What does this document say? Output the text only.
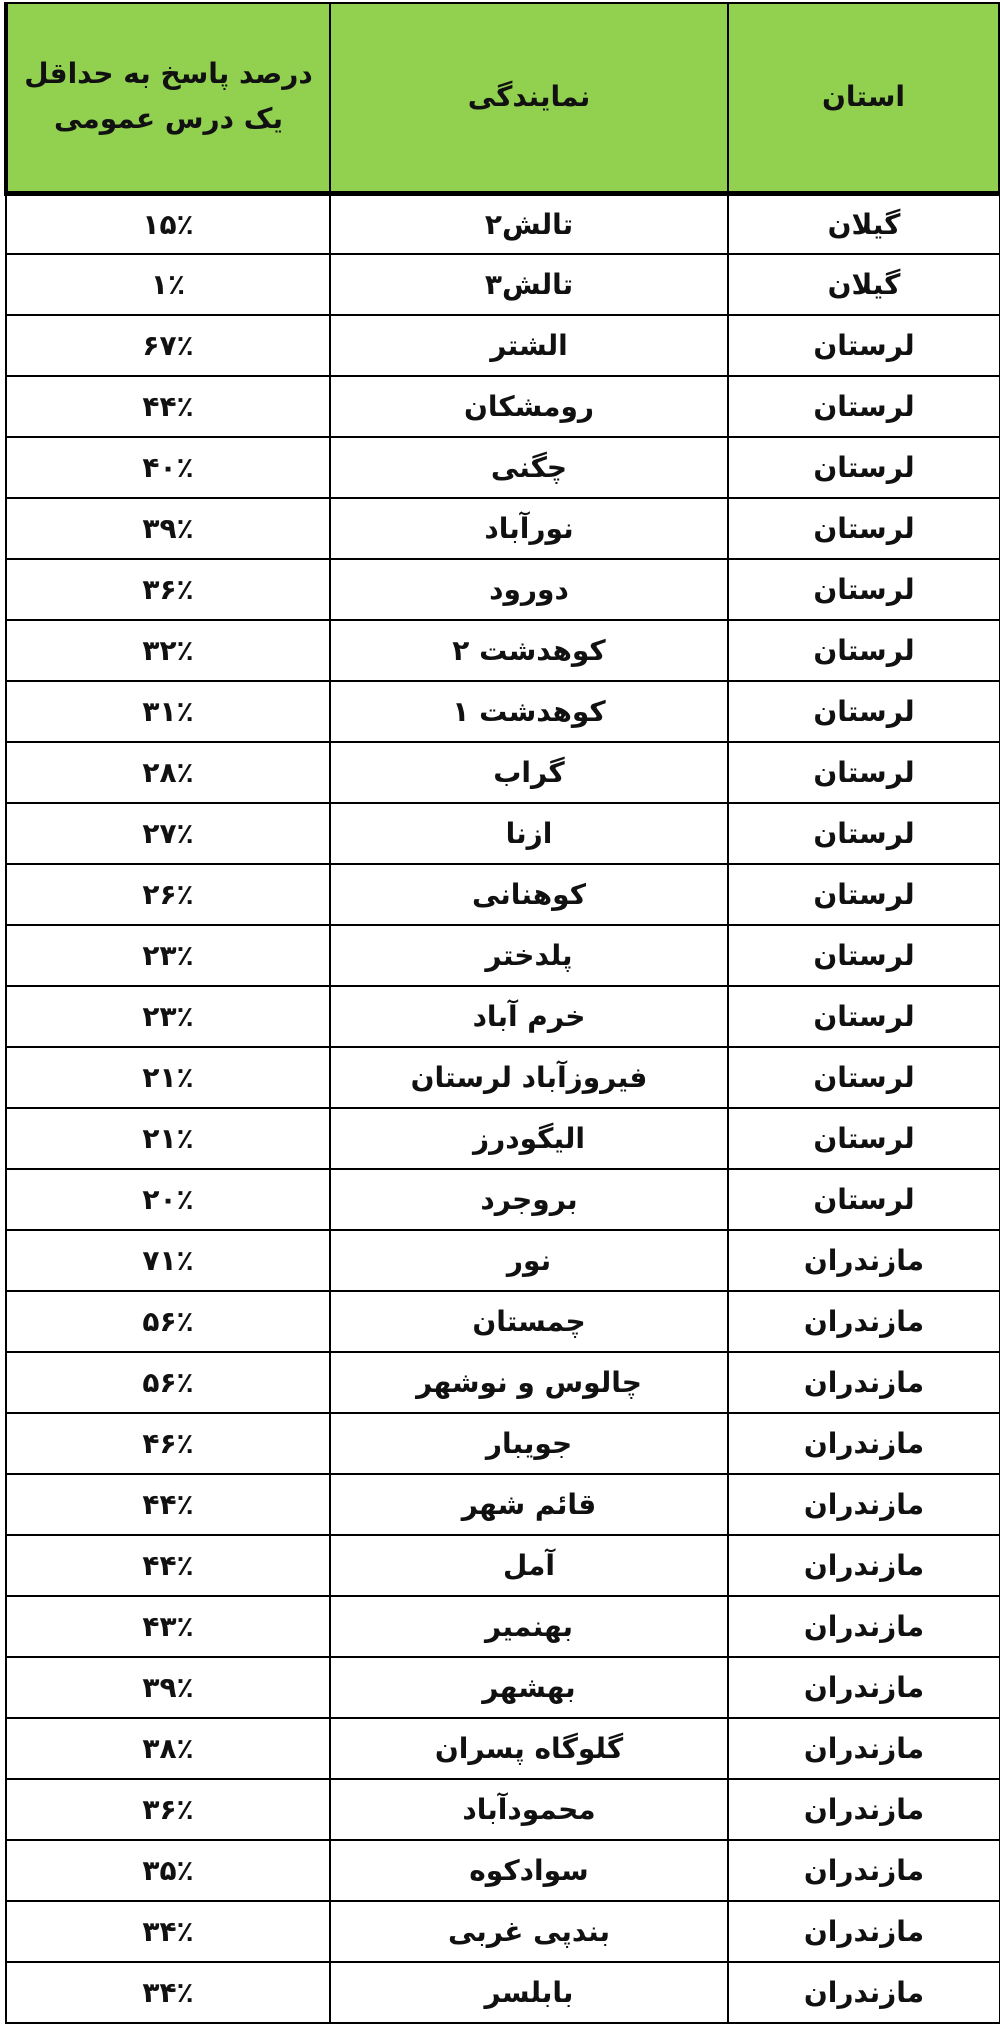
استان	نمایندگی	درصد پاسخ به حداقل یک درس عمومی
گیلان	تالش۲	۱۵٪
گیلان	تالش۳	۱٪
لرستان	الشتر	۶۷٪
لرستان	رومشکان	۴۴٪
لرستان	چگنی	۴۰٪
لرستان	نورآباد	۳۹٪
لرستان	دورود	۳۶٪
لرستان	کوهدشت ۲	۳۲٪
لرستان	کوهدشت ۱	۳۱٪
لرستان	گراب	۲۸٪
لرستان	ازنا	۲۷٪
لرستان	کوهنانی	۲۶٪
لرستان	پلدختر	۲۳٪
لرستان	خرم آباد	۲۳٪
لرستان	فیروزآباد لرستان	۲۱٪
لرستان	الیگودرز	۲۱٪
لرستان	بروجرد	۲۰٪
مازندران	نور	۷۱٪
مازندران	چمستان	۵۶٪
مازندران	چالوس و نوشهر	۵۶٪
مازندران	جویبار	۴۶٪
مازندران	قائم شهر	۴۴٪
مازندران	آمل	۴۴٪
مازندران	بهنمیر	۴۳٪
مازندران	بهشهر	۳۹٪
مازندران	گلوگاه پسران	۳۸٪
مازندران	محمودآباد	۳۶٪
مازندران	سوادکوه	۳۵٪
مازندران	بندپی غربی	۳۴٪
مازندران	بابلسر	۳۴٪
